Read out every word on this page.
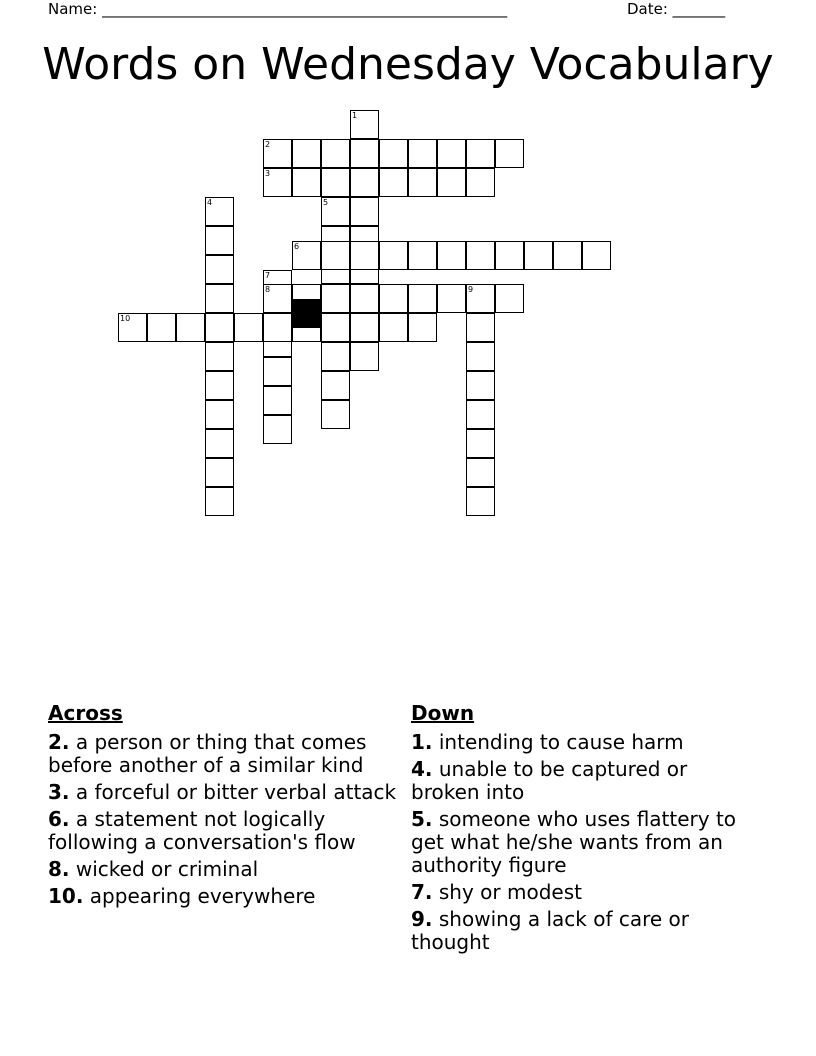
Name: ______________________________________________________	Date: _______
Words on Wednesday Vocabulary
1
2
3
4	5
6
7
8	9
10
Across
2. a person or thing that comes before another of a similar kind
3. a forceful or bitter verbal attack
6. a statement not logically following a conversation's flow
8. wicked or criminal
10. appearing everywhere
Down
1. intending to cause harm
4. unable to be captured or broken into
5. someone who uses flattery to get what he/she wants from an authority figure
7. shy or modest
9. showing a lack of care or thought
